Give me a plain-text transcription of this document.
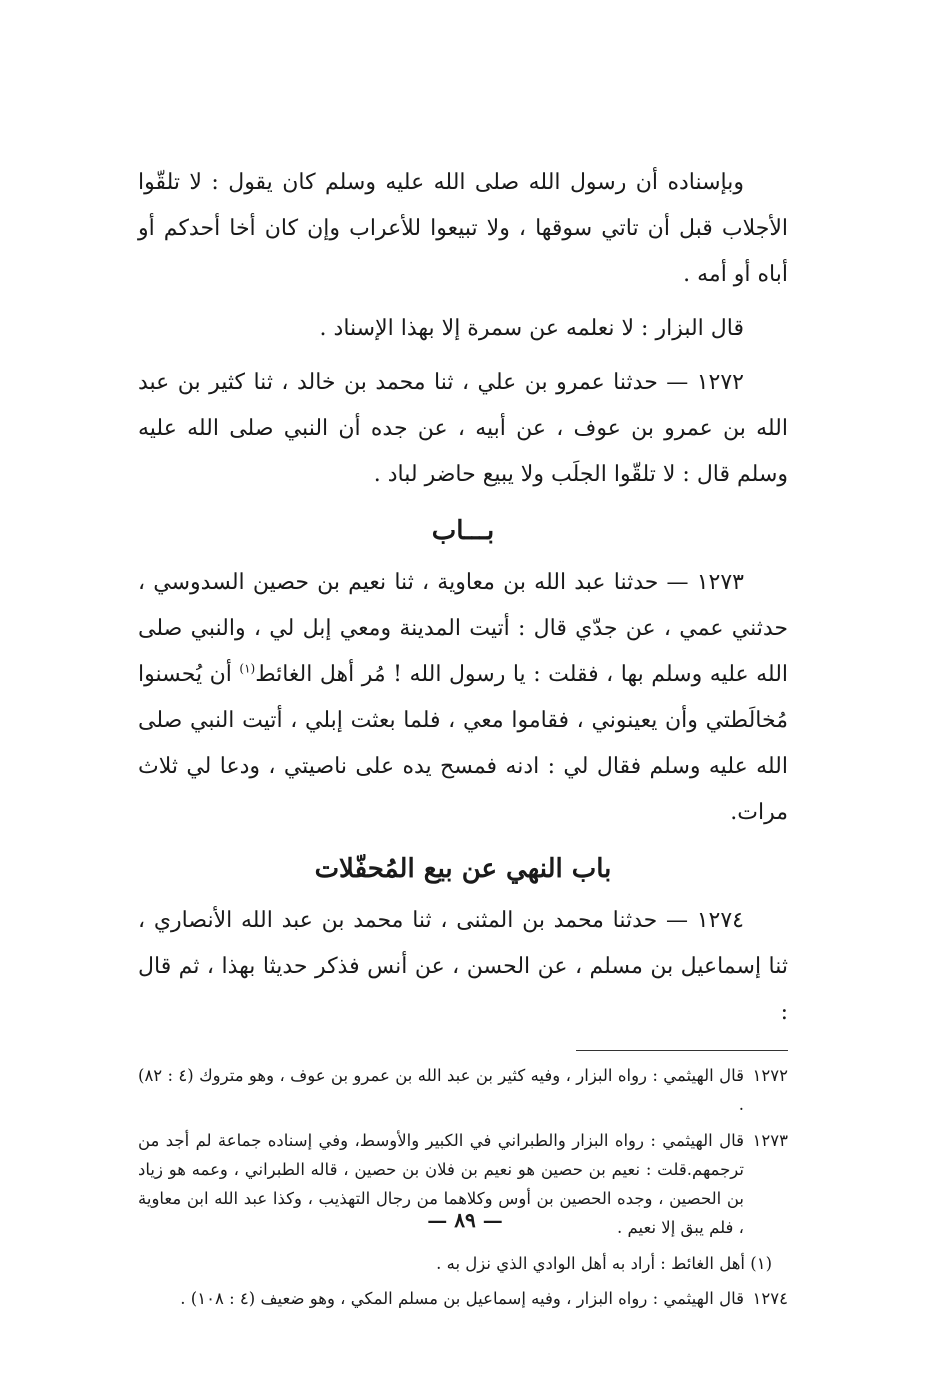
وبإسناده أن رسول الله صلى الله عليه وسلم كان يقول : لا تلقّوا الأجلاب قبل أن تاتي سوقها ، ولا تبيعوا للأعراب وإن كان أخا أحدكم أو أباه أو أمه .

قال البزار : لا نعلمه عن سمرة إلا بهذا الإسناد .

١٢٧٢ — حدثنا عمرو بن علي ، ثنا محمد بن خالد ، ثنا كثير بن عبد الله بن عمرو بن عوف ، عن أبيه ، عن جده أن النبي صلى الله عليه وسلم قال : لا تلقّوا الجلَب ولا يبيع حاضر لباد .

بـــاب

١٢٧٣ — حدثنا عبد الله بن معاوية ، ثنا نعيم بن حصين السدوسي ، حدثني عمي ، عن جدّي قال : أتيت المدينة ومعي إبل لي ، والنبي صلى الله عليه وسلم بها ، فقلت : يا رسول الله ! مُر أهل الغائط$^{(١)}$ أن يُحسنوا مُخالَطتي وأن يعينوني ، فقاموا معي ، فلما بعثت إبلي ، أتيت النبي صلى الله عليه وسلم فقال لي : ادنه فمسح يده على ناصيتي ، ودعا لي ثلاث مرات.

باب النهي عن بيع المُحفّلات

١٢٧٤ — حدثنا محمد بن المثنى ، ثنا محمد بن عبد الله الأنصاري ، ثنا إسماعيل بن مسلم ، عن الحسن ، عن أنس فذكر حديثا بهذا ، ثم قال :

١٢٧٢
قال الهيثمي : رواه البزار ، وفيه كثير بن عبد الله بن عمرو بن عوف ، وهو متروك (٤ : ٨٢) .
١٢٧٣
قال الهيثمي : رواه البزار والطبراني في الكبير والأوسط، وفي إسناده جماعة لم أجد من ترجمهم.قلت : نعيم بن حصين هو نعيم بن فلان بن حصين ، قاله الطبراني ، وعمه هو زياد بن الحصين ، وجده الحصين بن أوس وكلاهما من رجال التهذيب ، وكذا عبد الله ابن معاوية ، فلم يبق إلا نعيم .
(١) أهل الغائط : أراد به أهل الوادي الذي نزل به .
١٢٧٤
قال الهيثمي : رواه البزار ، وفيه إسماعيل بن مسلم المكي ، وهو ضعيف (٤ : ١٠٨) .
— ٨٩ —
